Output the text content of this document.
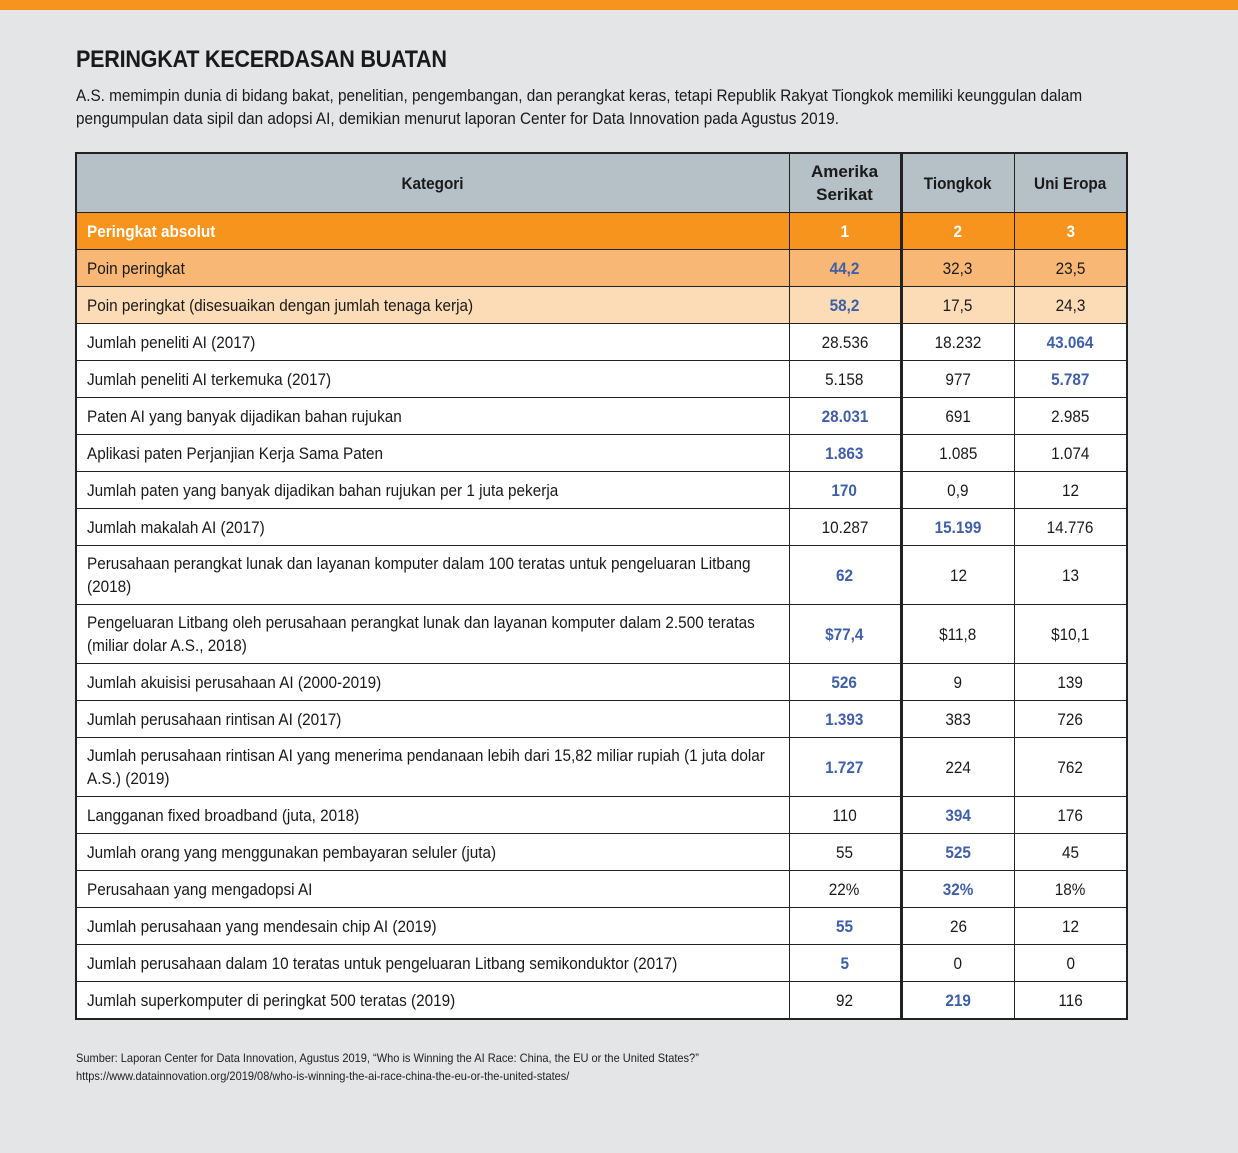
PERINGKAT KECERDASAN BUATAN
A.S. memimpin dunia di bidang bakat, penelitian, pengembangan, dan perangkat keras, tetapi Republik Rakyat Tiongkok memiliki keunggulan dalam pengumpulan data sipil dan adopsi AI, demikian menurut laporan Center for Data Innovation pada Agustus 2019.
Kategori	Amerika Serikat	Tiongkok	Uni Eropa
Peringkat absolut	1	2	3
Poin peringkat	44,2	32,3	23,5
Poin peringkat (disesuaikan dengan jumlah tenaga kerja)	58,2	17,5	24,3
Jumlah peneliti AI (2017)	28.536	18.232	43.064
Jumlah peneliti AI terkemuka (2017)	5.158	977	5.787
Paten AI yang banyak dijadikan bahan rujukan	28.031	691	2.985
Aplikasi paten Perjanjian Kerja Sama Paten	1.863	1.085	1.074
Jumlah paten yang banyak dijadikan bahan rujukan per 1 juta pekerja	170	0,9	12
Jumlah makalah AI (2017)	10.287	15.199	14.776
Perusahaan perangkat lunak dan layanan komputer dalam 100 teratas untuk pengeluaran Litbang (2018)	62	12	13
Pengeluaran Litbang oleh perusahaan perangkat lunak dan layanan komputer dalam 2.500 teratas (miliar dolar A.S., 2018)	$77,4	$11,8	$10,1
Jumlah akuisisi perusahaan AI (2000-2019)	526	9	139
Jumlah perusahaan rintisan AI (2017)	1.393	383	726
Jumlah perusahaan rintisan AI yang menerima pendanaan lebih dari 15,82 miliar rupiah (1 juta dolar A.S.) (2019)	1.727	224	762
Langganan fixed broadband (juta, 2018)	110	394	176
Jumlah orang yang menggunakan pembayaran seluler (juta)	55	525	45
Perusahaan yang mengadopsi AI	22%	32%	18%
Jumlah perusahaan yang mendesain chip AI (2019)	55	26	12
Jumlah perusahaan dalam 10 teratas untuk pengeluaran Litbang semikonduktor (2017)	5	0	0
Jumlah superkomputer di peringkat 500 teratas (2019)	92	219	116
Sumber: Laporan Center for Data Innovation, Agustus 2019, “Who is Winning the AI Race: China, the EU or the United States?” https://www.datainnovation.org/2019/08/who-is-winning-the-ai-race-china-the-eu-or-the-united-states/
